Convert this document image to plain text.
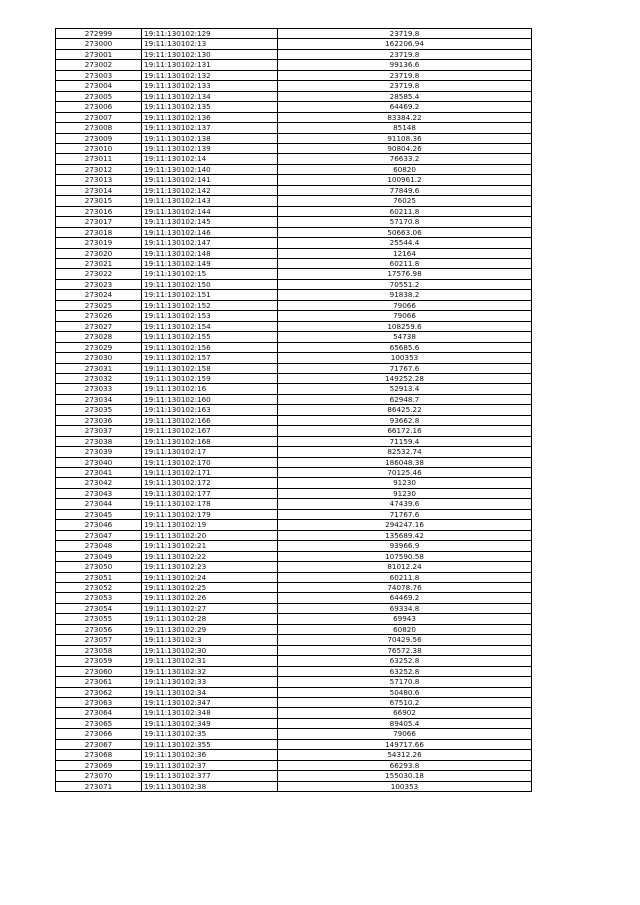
272999	19:11:130102:129	23719.8
273000	19:11:130102:13	162206.94
273001	19:11:130102:130	23719.8
273002	19:11:130102:131	99136.6
273003	19:11:130102:132	23719.8
273004	19:11:130102:133	23719.8
273005	19:11:130102:134	28585.4
273006	19:11:130102:135	64469.2
273007	19:11:130102:136	83384.22
273008	19:11:130102:137	85148
273009	19:11:130102:138	91108.36
273010	19:11:130102:139	90804.26
273011	19:11:130102:14	76633.2
273012	19:11:130102:140	60820
273013	19:11:130102:141	100961.2
273014	19:11:130102:142	77849.6
273015	19:11:130102:143	76025
273016	19:11:130102:144	60211.8
273017	19:11:130102:145	57170.8
273018	19:11:130102:146	50663.06
273019	19:11:130102:147	25544.4
273020	19:11:130102:148	12164
273021	19:11:130102:149	60211.8
273022	19:11:130102:15	17576.98
273023	19:11:130102:150	70551.2
273024	19:11:130102:151	91838.2
273025	19:11:130102:152	79066
273026	19:11:130102:153	79066
273027	19:11:130102:154	108259.6
273028	19:11:130102:155	54738
273029	19:11:130102:156	65685.6
273030	19:11:130102:157	100353
273031	19:11:130102:158	71767.6
273032	19:11:130102:159	149252.28
273033	19:11:130102:16	52913.4
273034	19:11:130102:160	62948.7
273035	19:11:130102:163	86425.22
273036	19:11:130102:166	93662.8
273037	19:11:130102:167	66172.16
273038	19:11:130102:168	71159.4
273039	19:11:130102:17	82532.74
273040	19:11:130102:170	186048.38
273041	19:11:130102:171	70125.46
273042	19:11:130102:172	91230
273043	19:11:130102:177	91230
273044	19:11:130102:178	47439.6
273045	19:11:130102:179	71767.6
273046	19:11:130102:19	294247.16
273047	19:11:130102:20	135689.42
273048	19:11:130102:21	93966.9
273049	19:11:130102:22	107590.58
273050	19:11:130102:23	81012.24
273051	19:11:130102:24	60211.8
273052	19:11:130102:25	74078.76
273053	19:11:130102:26	64469.2
273054	19:11:130102:27	69334.8
273055	19:11:130102:28	69943
273056	19:11:130102:29	60820
273057	19:11:130102:3	70429.56
273058	19:11:130102:30	76572.38
273059	19:11:130102:31	63252.8
273060	19:11:130102:32	63252.8
273061	19:11:130102:33	57170.8
273062	19:11:130102:34	50480.6
273063	19:11:130102:347	67510.2
273064	19:11:130102:348	66902
273065	19:11:130102:349	89405.4
273066	19:11:130102:35	79066
273067	19:11:130102:355	149717.66
273068	19:11:130102:36	54312.26
273069	19:11:130102:37	66293.8
273070	19:11:130102:377	155030.18
273071	19:11:130102:38	100353
